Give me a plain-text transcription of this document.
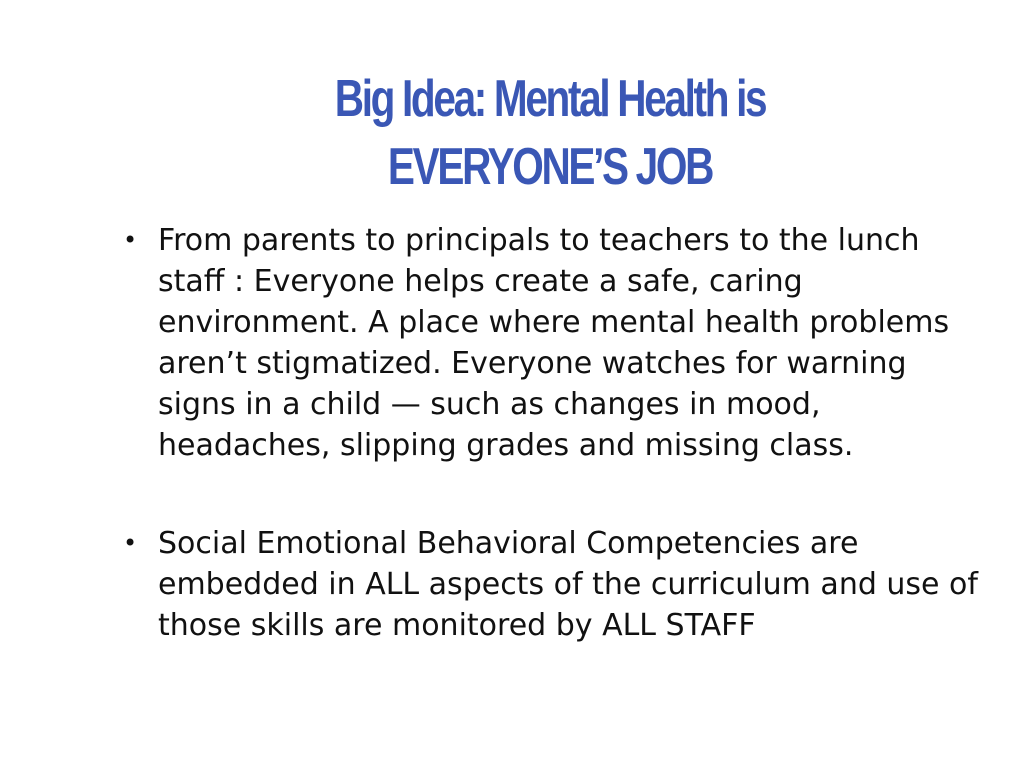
Big Idea: Mental Health is
EVERYONE’S JOB
• From parents to principals to teachers to the lunch staff : Everyone helps create a safe, caring environment. A place where mental health problems aren’t stigmatized. Everyone watches for warning signs in a child — such as changes in mood, headaches, slipping grades and missing class.
• Social Emotional Behavioral Competencies are embedded in ALL aspects of the curriculum and use of those skills are monitored by ALL STAFF
